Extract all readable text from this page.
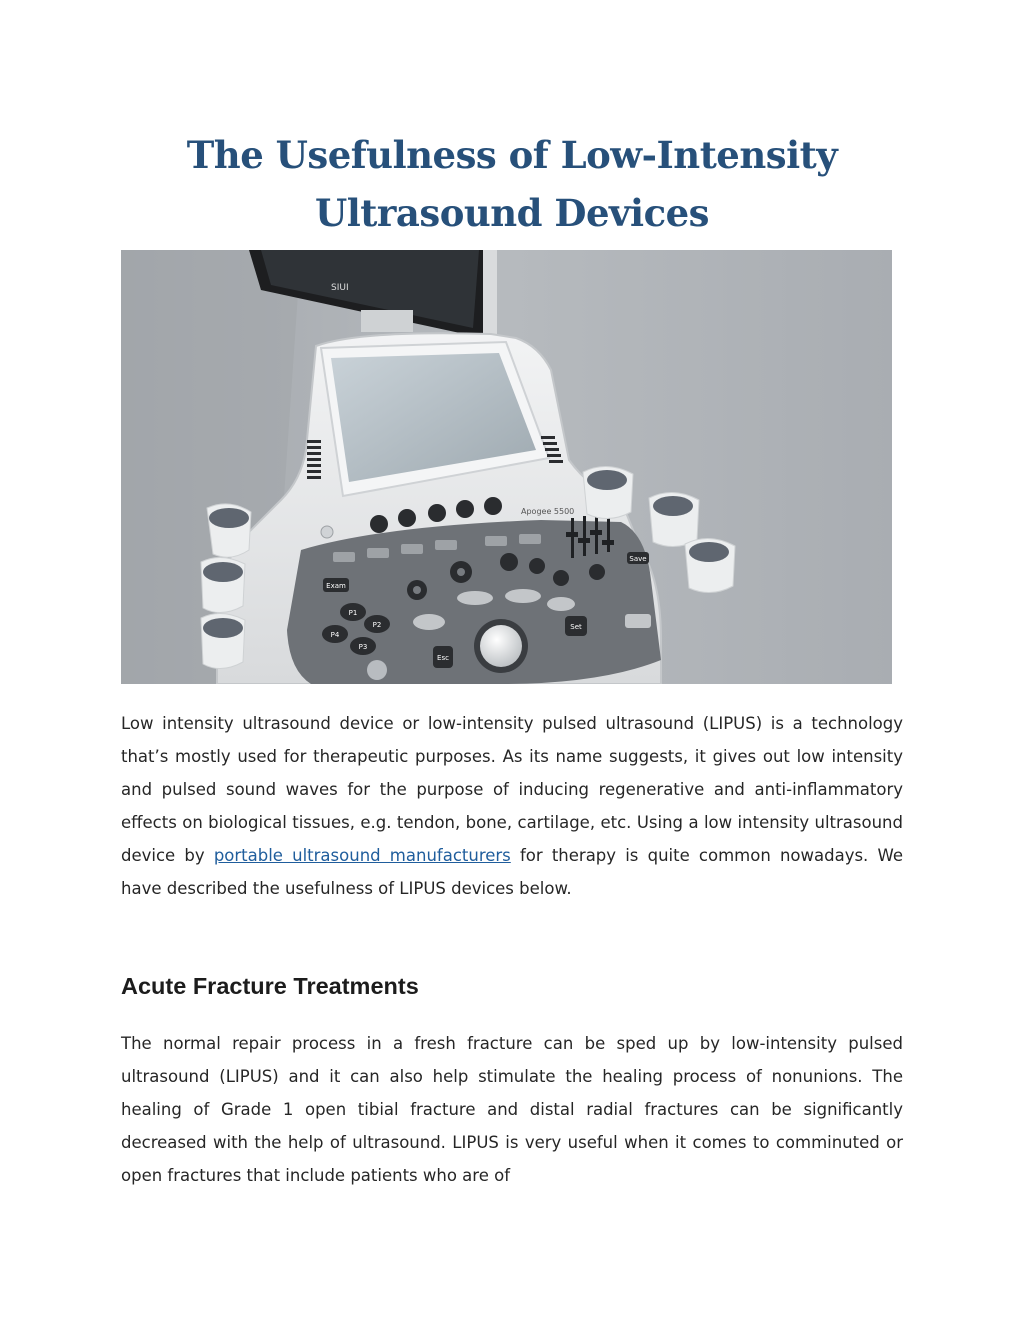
The Usefulness of Low-Intensity
Ultrasound Devices
SIUI
Apogee 5500
Exam
P1
P2
P3
P4
Esc
Set
Save

Low intensity ultrasound device or low-intensity pulsed ultrasound (LIPUS) is a technology that’s mostly used for therapeutic purposes. As its name suggests, it gives out low intensity and pulsed sound waves for the purpose of inducing regenerative and anti-inflammatory effects on biological tissues, e.g. tendon, bone, cartilage, etc. Using a low intensity ultrasound device by portable ultrasound manufacturers for therapy is quite common nowadays. We have described the usefulness of LIPUS devices below.

Acute Fracture Treatments

The normal repair process in a fresh fracture can be sped up by low-intensity pulsed ultrasound (LIPUS) and it can also help stimulate the healing process of nonunions. The healing of Grade 1 open tibial fracture and distal radial fractures can be significantly decreased with the help of ultrasound. LIPUS is very useful when it comes to comminuted or open fractures that include patients who are of
